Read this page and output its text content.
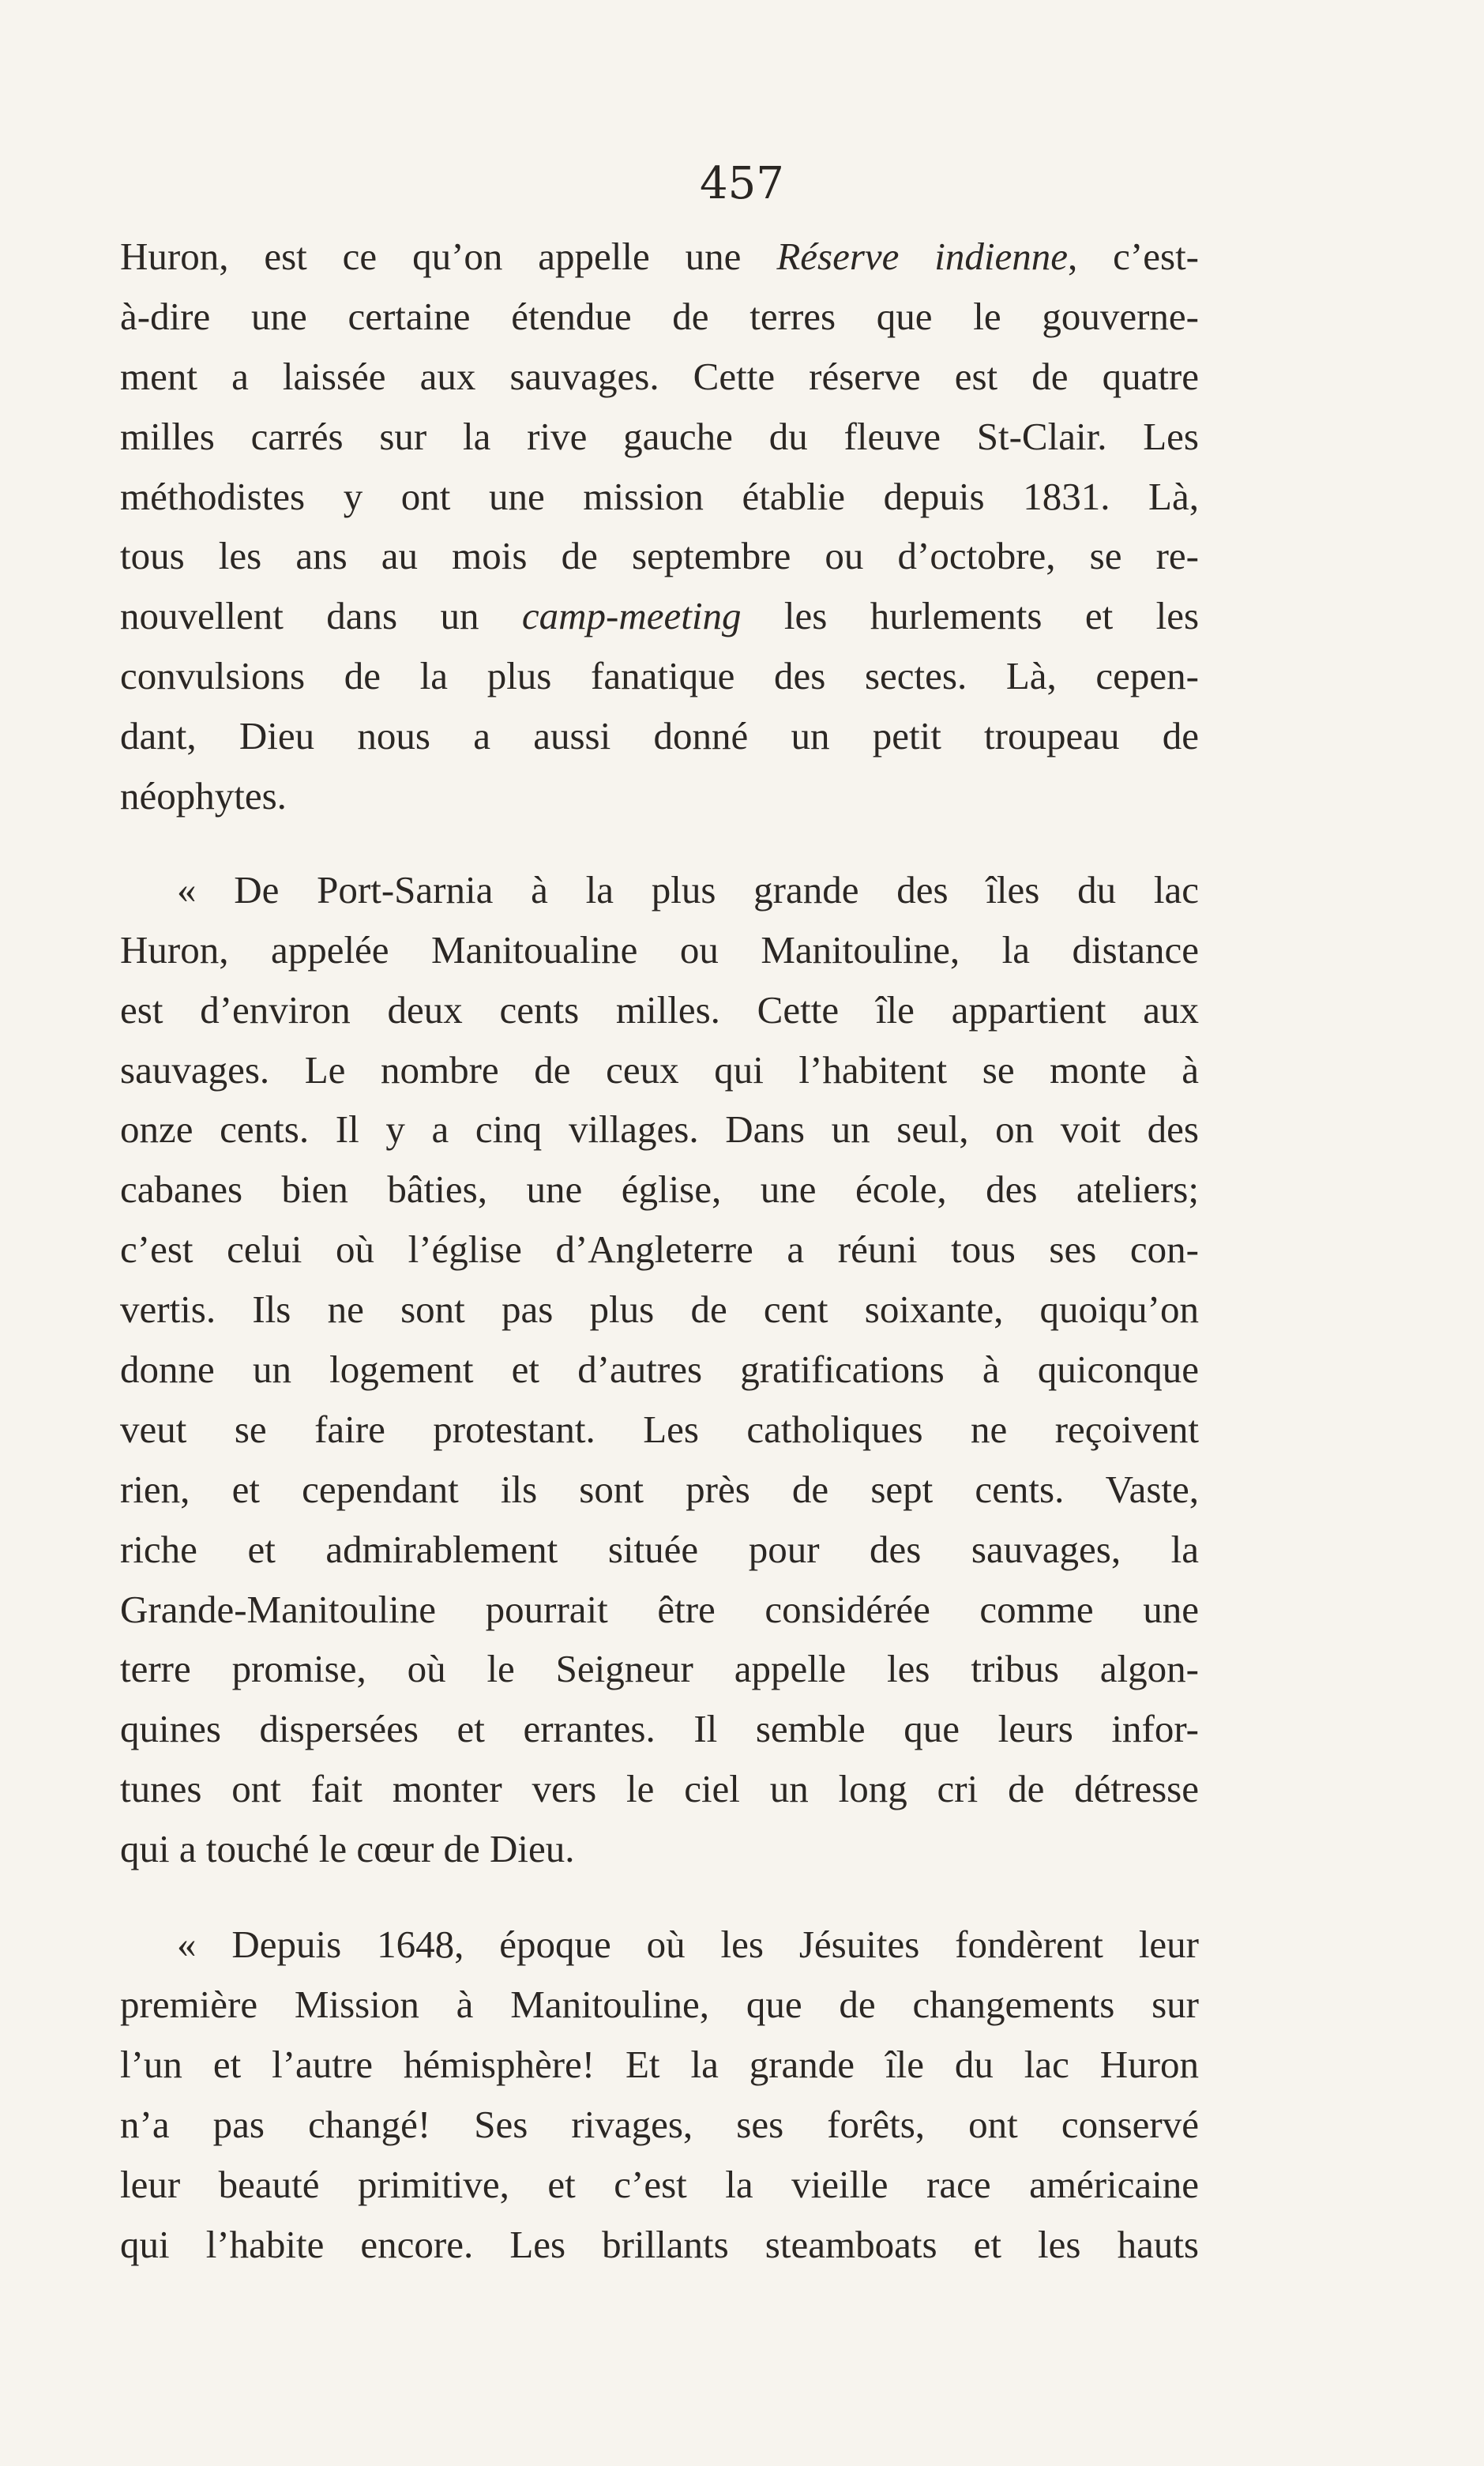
457
Huron, est ce qu’on appelle une Réserve indienne, c’est-
à-dire une certaine étendue de terres que le gouverne-
ment a laissée aux sauvages. Cette réserve est de quatre
milles carrés sur la rive gauche du fleuve St-Clair. Les
méthodistes y ont une mission établie depuis 1831. Là,
tous les ans au mois de septembre ou d’octobre, se re-
nouvellent dans un camp-meeting les hurlements et les
convulsions de la plus fanatique des sectes. Là, cepen-
dant, Dieu nous a aussi donné un petit troupeau de
néophytes.
« De Port-Sarnia à la plus grande des îles du lac
Huron, appelée Manitoualine ou Manitouline, la distance
est d’environ deux cents milles. Cette île appartient aux
sauvages. Le nombre de ceux qui l’habitent se monte à
onze cents. Il y a cinq villages. Dans un seul, on voit des
cabanes bien bâties, une église, une école, des ateliers;
c’est celui où l’église d’Angleterre a réuni tous ses con-
vertis. Ils ne sont pas plus de cent soixante, quoiqu’on
donne un logement et d’autres gratifications à quiconque
veut se faire protestant. Les catholiques ne reçoivent
rien, et cependant ils sont près de sept cents. Vaste,
riche et admirablement située pour des sauvages, la
Grande-Manitouline pourrait être considérée comme une
terre promise, où le Seigneur appelle les tribus algon-
quines dispersées et errantes. Il semble que leurs infor-
tunes ont fait monter vers le ciel un long cri de détresse
qui a touché le cœur de Dieu.
« Depuis 1648, époque où les Jésuites fondèrent leur
première Mission à Manitouline, que de changements sur
l’un et l’autre hémisphère! Et la grande île du lac Huron
n’a pas changé! Ses rivages, ses forêts, ont conservé
leur beauté primitive, et c’est la vieille race américaine
qui l’habite encore. Les brillants steamboats et les hauts
